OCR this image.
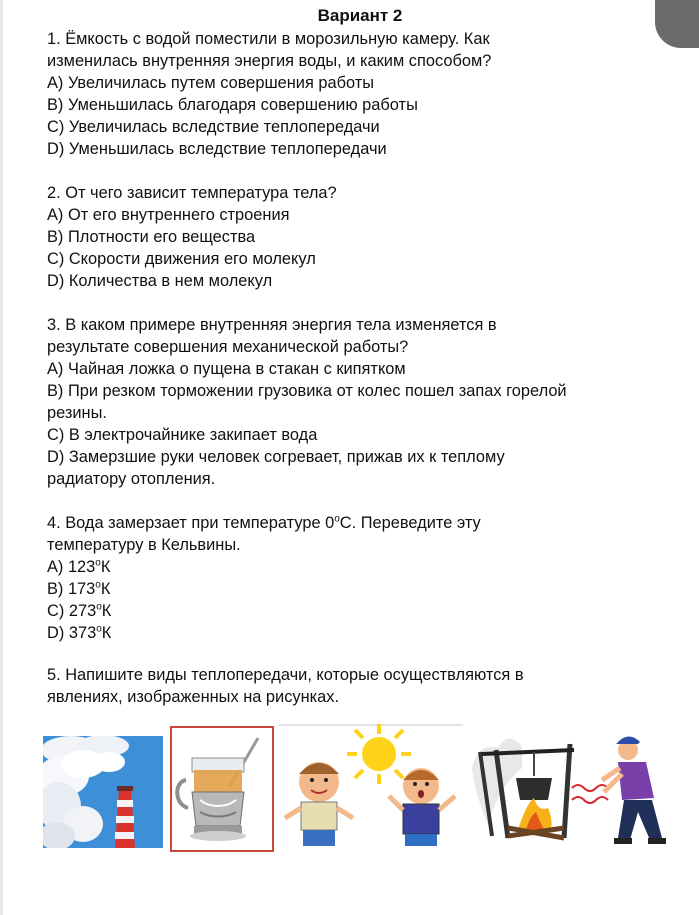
Вариант 2
1. Ёмкость с водой поместили в морозильную камеру. Как
изменилась внутренняя энергия воды, и каким способом?
А) Увеличилась путем совершения работы
В) Уменьшилась благодаря совершению работы
С) Увеличилась вследствие теплопередачи
D) Уменьшилась вследствие теплопередачи
2. От чего зависит температура тела?
А) От его внутреннего строения
В) Плотности его вещества
С) Скорости движения его молекул
D) Количества в нем молекул
3. В каком примере внутренняя энергия тела изменяется в
результате совершения механической работы?
А) Чайная ложка о пущена в стакан с кипятком
В) При резком торможении грузовика от колес пошел запах горелой
резины.
С) В электрочайнике закипает вода
D) Замерзшие руки человек согревает, прижав их к теплому
радиатору отопления.
4. Вода замерзает при температуре $0^оС$. Переведите эту
температуру в Кельвины.
А) $123^оК$
В) $173^оК$
С) $273^оК$
D) $373^оК$
5. Напишите виды теплопередачи, которые осуществляются в
явлениях, изображенных на рисунках.
